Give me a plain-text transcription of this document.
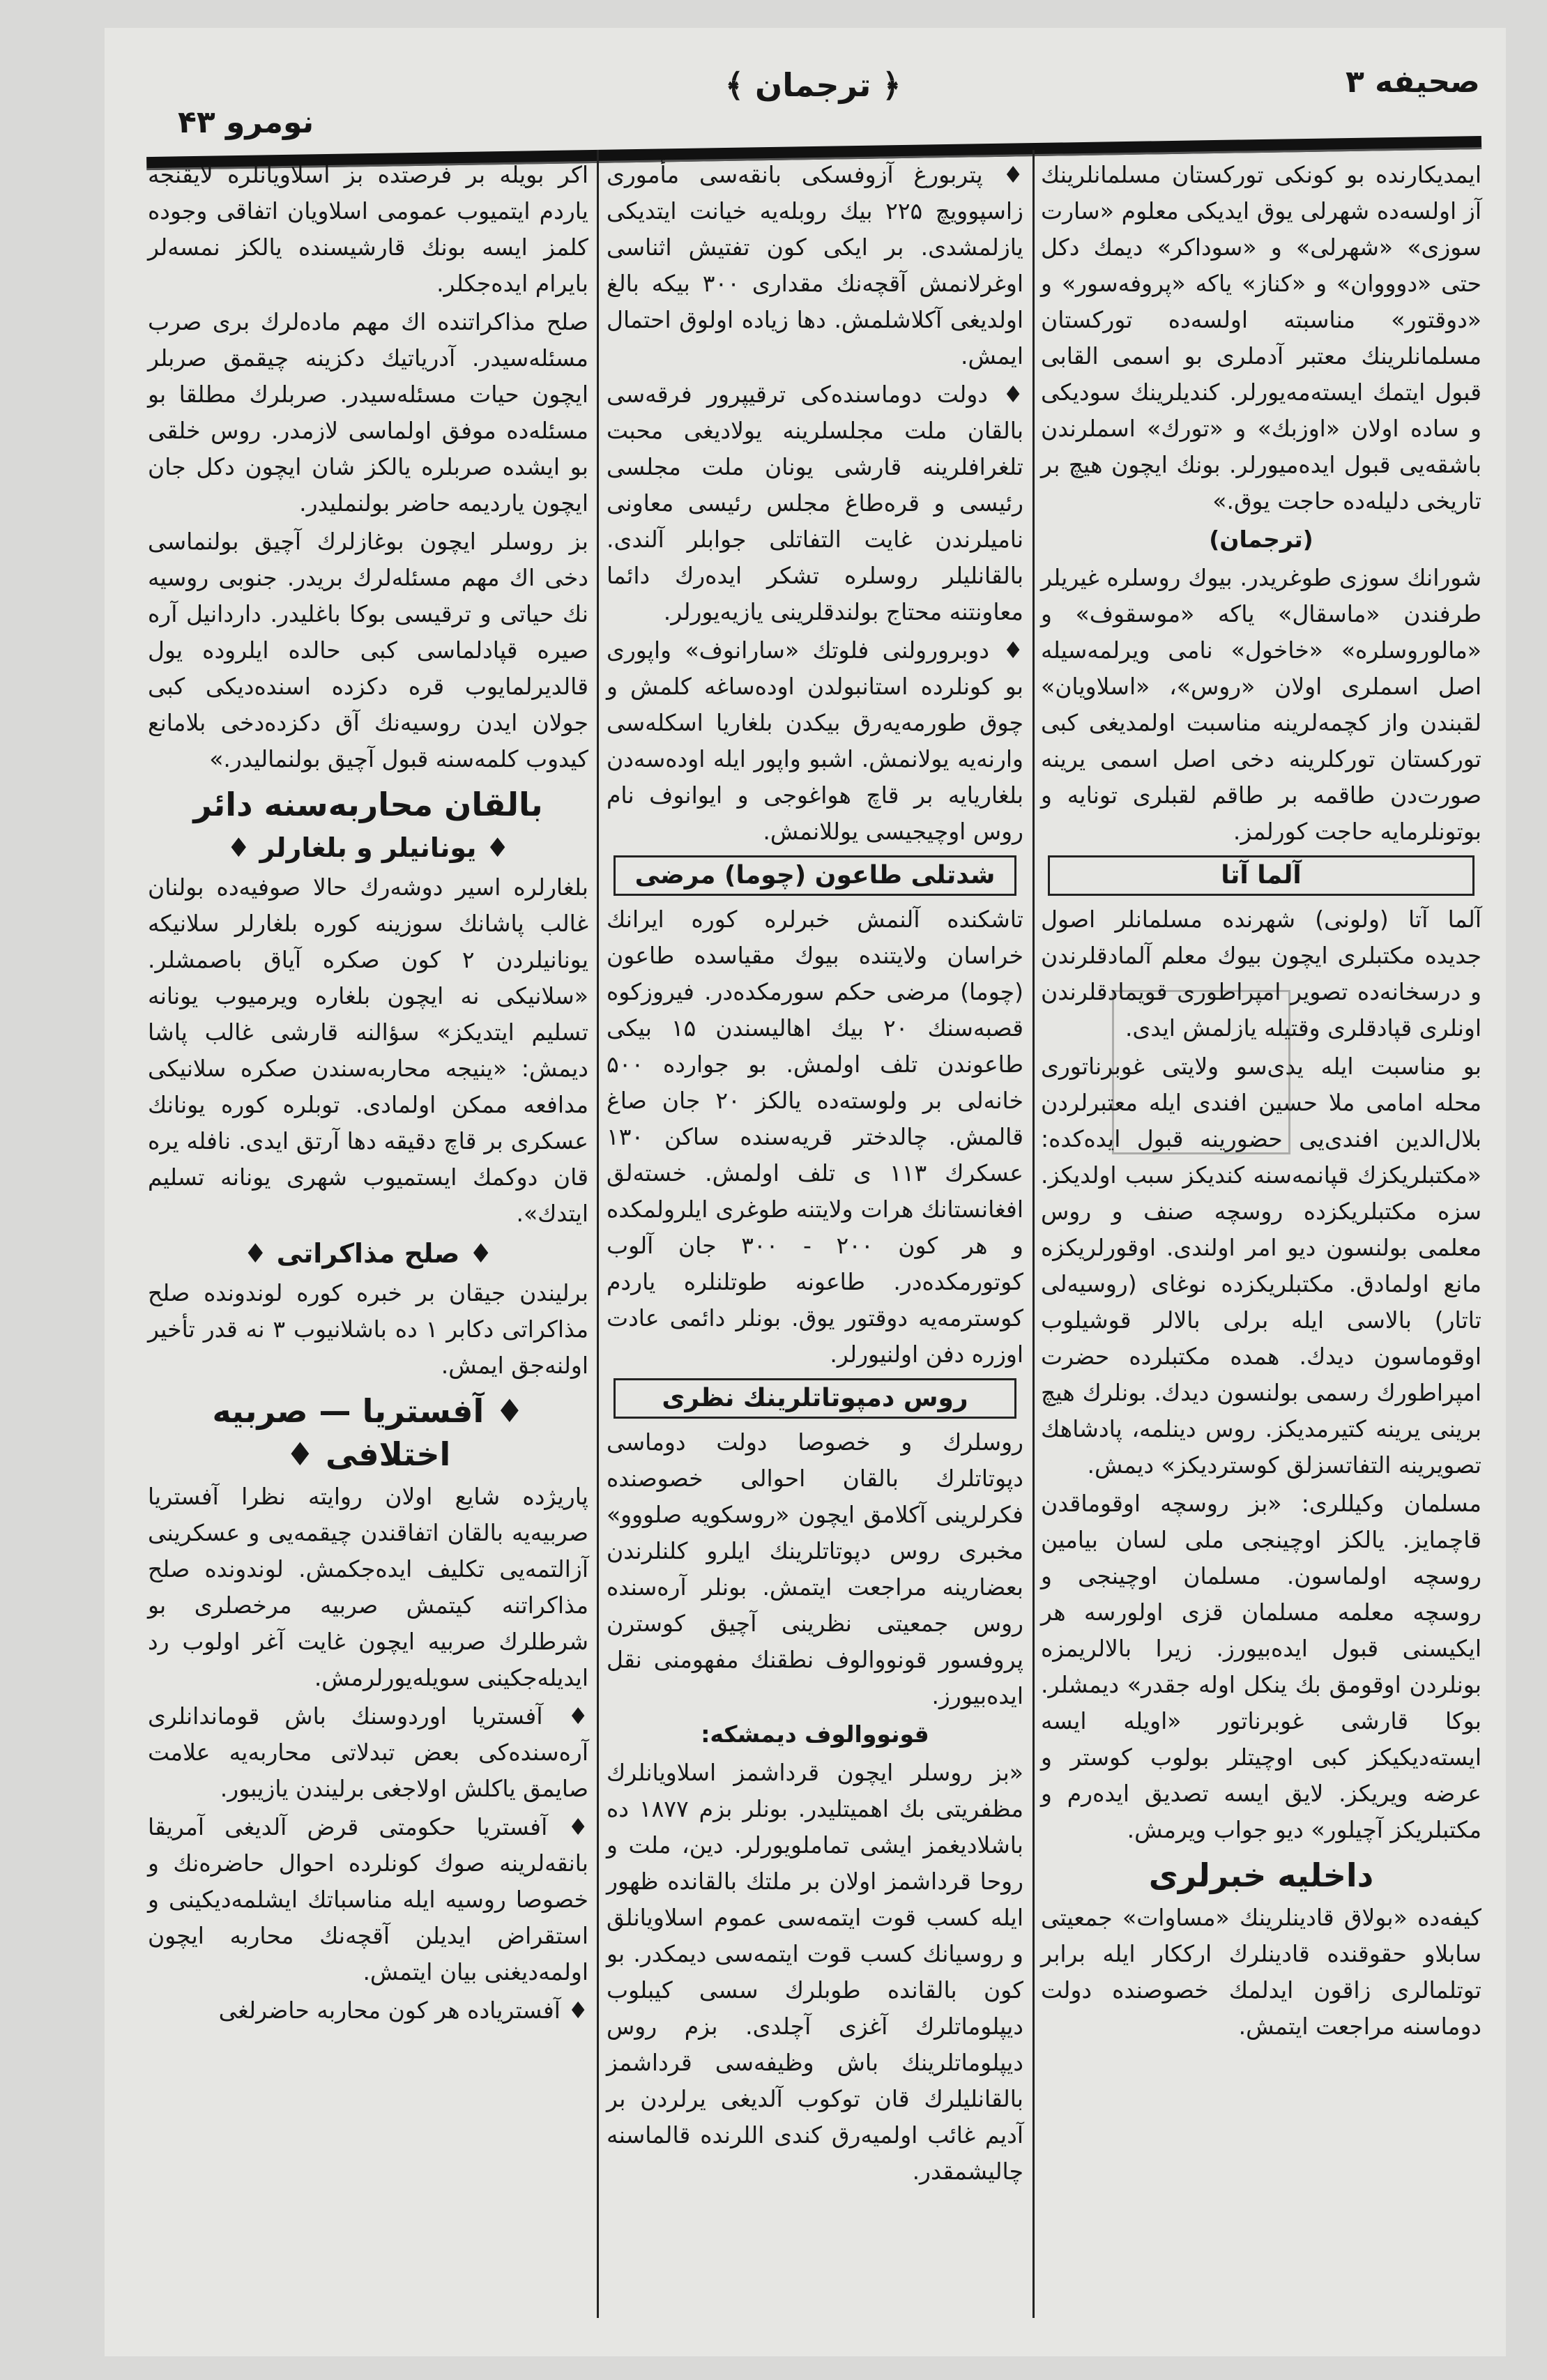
صحیفه ۳
﴿ ترجمان ﴾
نومرو ۴۳

ایمدیکارنده بو کونکی توركستان مسلمانلرینك آز اولسه‌ده شهرلی یوق ایدیکی معلوم «سارت سوزی» «شهرلی» و «سوداکر» دیمك دکل حتی «دوووان» و «کناز» یاکه «پروفه‌سور» و «دوقتور» مناسبته اولسه‌ده توركستان مسلمانلرینك معتبر آدملری بو اسمی القابی قبول ایتمك ایسته‌مه‌یورلر. کندیلرینك سوديكی و ساده اولان «اوزبك» و «تورك» اسملرندن باشقه‌یی قبول ایده‌میورلر. بونك ایچون هیچ بر تاریخی دلیله‌ده حاجت یوق.»

(ترجمان)

شورانك سوزی طوغریدر. بیوك روسلره غیریلر طرفندن «ماسقال» یاکه «موسقوف» و «مالوروسلره» «خاخول» نامی ویرلمه‌سیله اصل اسملری اولان «روس»، «اسلاویان» لقبندن واز کچمه‌لرینه مناسبت اولمدیغی کبی توركستان توركلرینه دخی اصل اسمی یرینه صورت‌دن طاقمه بر طاقم لقبلری تونایه و بوتونلرمایه حاجت کورلمز.

آلما آتا

آلما آتا (ولونی) شهرنده مسلمانلر اصول جدیده مکتبلری ایچون بیوك معلم آلمادقلرندن و درسخانه‌ده تصویر امپراطوری قویمادقلرندن اونلری قپادقلری وقتیله یازلمش ایدی.

بو مناسبت ایله یدی‌سو ولایتی غوبرناتوری محله امامی ملا حسین افندی ایله معتبرلردن بلال‌الدین افندی‌یی حضورینه قبول ایده‌کده: «مکتبلریکزك قپانمه‌سنه کندیکز سبب اولدیکز. سزه مکتبلریکزده روسچه صنف و روس معلمی بولنسون دیو امر اولندی. اوقورلریکزه مانع اولمادق. مکتبلریکزده نوغای (روسیه‌لی تاتار) بالاسی ایله برلی بالالر قوشیلوب اوقوماسون دیدك. همده مکتبلرده حضرت امپراطورك رسمی بولنسون دیدك. بونلرك هیچ برینی یرینه کتیرمدیکز. روس دینلمه، پادشاهك تصویرینه التفاتسزلق کوستردیکز» دیمش.

مسلمان وکیللری: «بز روسچه اوقوماقدن قاچمایز. یالکز اوچینجی ملی لسان بیامین روسچه اولماسون. مسلمان اوچینجی و روسچه معلمه مسلمان قزی اولورسه هر ایکیسنی قبول ایده‌بیورز. زیرا بالالریمزه بونلردن اوقومق بك ینکل اوله جقدر» دیمشلر. بوکا قارشی غوبرناتور «اویله ایسه ایسته‌دیکیکز کبی اوچیتلر بولوب کوستر و عرضه ویریکز. لایق ایسه تصدیق ایده‌رم و مکتبلریکز آچیلور» دیو جواب ویرمش.

داخلیه خبرلری

کیفه‌ده «بولاق قادینلرینك «مساوات» جمعیتی سابلاو حقوقنده قادینلرك ارککار ایله برابر توتلمالری زاقون ایدلمك خصوصنده دولت دوماسنه مراجعت ایتمش.

♦ پتربورغ آزوفسکی بانقه‌سی مأموری زاسپوویچ ۲۲۵ بیك روبله‌یه خیانت ایتدیکی یازلمشدی. بر ایکی کون تفتیش اثناسی اوغرلانمش آقچه‌نك مقداری ۳۰۰ بیكه بالغ اولدیغی آکلاشلمش. دها زیاده اولوق احتمال ایمش.

♦ دولت دوماسنده‌کی ترقیپرور فرقه‌سی بالقان ملت مجلسلرینه یولادیغی محبت تلغرافلرینه قارشی یونان ملت مجلسی رئیسی و قره‌طاغ مجلس رئیسی معاونی نامیلرندن غایت التفاتلی جوابلر آلندی. بالقانلیلر روسلره تشکر ایده‌رك دائما معاونتنه محتاج بولندقلرینی یازیه‌یورلر.

♦ دوبرورولنی فلوتك «سارانوف» واپوری بو کونلرده استانبولدن اوده‌ساغه کلمش و چوق طورمه‌یه‌رق بیکدن بلغاریا اسکله‌سی وارنه‌یه یولانمش. اشبو واپور ایله اوده‌سه‌دن بلغاریایه بر قاچ هواغوجی و ایوانوف نام روس اوچیجیسی یوللانمش.

شدتلی طاعون (چوما) مرضی

تاشکنده آلنمش خبرلره کوره ایرانك خراسان ولایتنده بیوك مقیاسده طاعون (چوما) مرضی حکم سورمکده‌در. فیروزکوه قصبه‌سنك ۲۰ بیك اهالیسندن ۱۵ بیکی طاعوندن تلف اولمش. بو جوارده ۵۰۰ خانه‌لی بر ولوسته‌ده یالکز ۲۰ جان صاغ قالمش. چالدختر قریه‌سنده ساکن ۱۳۰ عسکرك ۱۱۳ ی تلف اولمش. خسته‌لق افغانستانك هرات ولایتنه طوغری ایلرولمکده و هر کون ۲۰۰ - ۳۰۰ جان آلوب کوتورمکده‌در. طاعونه طوتلنلره یاردم کوسترمه‌یه دوقتور یوق. بونلر دائمی عادت اوزره دفن اولنیورلر.

روس دمپوتاتلرینك نظری

روسلرك و خصوصا دولت دوماسی دپوتاتلرك بالقان احوالی خصوصنده فکرلرینی آکلامق ایچون «روسکویه صلووو» مخبری روس دپوتاتلرینك ایلرو کلنلرندن بعضارینه مراجعت ایتمش. بونلر آره‌سنده روس جمعیتی نظرینی آچیق کوسترن پروفسور قونووالوف نطقنك مفهومنی نقل ایده‌بیورز.

قونووالوف دیمشکه:

«بز روسلر ایچون قرداشمز اسلاویانلرك مظفریتی بك اهمیتلیدر. بونلر بزم ۱۸۷۷ ده باشلادیغمز ایشی تماملویورلر. دین، ملت و روحا قرداشمز اولان بر ملتك بالقانده ظهور ایله کسب قوت ایتمه‌سی عموم اسلاویانلق و روسیانك کسب قوت ایتمه‌سی دیمکدر. بو کون بالقانده طوبلرك سسی کیبلوب دیپلوماتلرك آغزی آچلدی. بزم روس دیپلوماتلرینك باش وظیفه‌سی قرداشمز بالقانلیلرك قان توکوب آلدیغی یرلردن بر آدیم غائب اولمیه‌رق کندی اللرنده قالماسنه چالیشمقدر.

اکر بویله بر فرصتده بز اسلاویانلره لایقنجه یاردم ایتمیوب عمومی اسلاویان اتفاقی وجوده کلمز ایسه بونك قارشیسنده یالکز نمسه‌لر بایرام ایده‌جکلر.

صلح مذاکراتنده اك مهم ماده‌لرك بری صرب مسئله‌سیدر. آدریاتیك دکزینه چیقمق صربلر ایچون حیات مسئله‌سیدر. صربلرك مطلقا بو مسئله‌ده موفق اولماسی لازمدر. روس خلقی بو ایشده صربلره یالکز شان ایچون دکل جان ایچون یاردیمه حاضر بولنملیدر.

بز روسلر ایچون بوغازلرك آچیق بولنماسی دخی اك مهم مسئله‌لرك بریدر. جنوبی روسیه نك حیاتی و ترقیسی بوکا باغلیدر. داردانیل آره صیره قپادلماسی کبی حالده ایلروده یول قالدیرلمایوب قره دکزده اسنده‌دیکی کبی جولان ایدن روسیه‌نك آق دکزده‌دخی بلامانع کیدوب کلمه‌سنه قبول آچیق بولنمالیدر.»

بالقان محاربه‌سنه دائر
♦ یونانیلر و بلغارلر ♦

بلغارلره اسیر دوشه‌رك حالا صوفیه‌ده بولنان غالب پاشانك سوزینه کوره بلغارلر سلانیکه یونانیلردن ۲ کون صکره آیاق باصمشلر. «سلانیکی نه ایچون بلغاره ویرمیوب یونانه تسلیم ایتدیکز» سؤالنه قارشی غالب پاشا دیمش: «ینیجه محاربه‌سندن صکره سلانیکی مدافعه ممکن اولمادی. توبلره کوره یونانك عسکری بر قاچ دقیقه دها آرتق ایدی. نافله یره قان دوکمك ایستمیوب شهری یونانه تسلیم ایتدك».

♦ صلح مذاکراتی ♦

برلیندن جیقان بر خبره کوره لوندونده صلح مذاکراتی دکابر ۱ ده باشلانیوب ۳ نه قدر تأخیر اولنه‌جق ایمش.

♦ آفستریا — صربیه اختلافی ♦

پاریژده شایع اولان روایته نظرا آفستریا صربیه‌یه بالقان اتفاقندن چیقمه‌یی و عسکرینی آزالتمه‌یی تکلیف ایده‌جکمش. لوندونده صلح مذاکراتنه کیتمش صربیه مرخصلری بو شرطلرك صربیه ایچون غایت آغر اولوب رد ایدیله‌جکینی سویله‌یورلرمش.

♦ آفستریا اوردوسنك باش قوماندانلری آره‌سنده‌کی بعض تبدلاتی محاربه‌یه علامت صایمق یاکلش اولاجغی برلیندن یازیبور.

♦ آفستریا حکومتی قرض آلدیغی آمریقا بانقه‌لرینه صوك کونلرده احوال حاضره‌نك و خصوصا روسیه ایله مناسباتك ایشلمه‌دیکینی و استقراض ایدیلن آقچه‌نك محاربه ایچون اولمه‌دیغنی بیان ایتمش.

♦ آفستریاده هر کون محاربه حاضرلغی
